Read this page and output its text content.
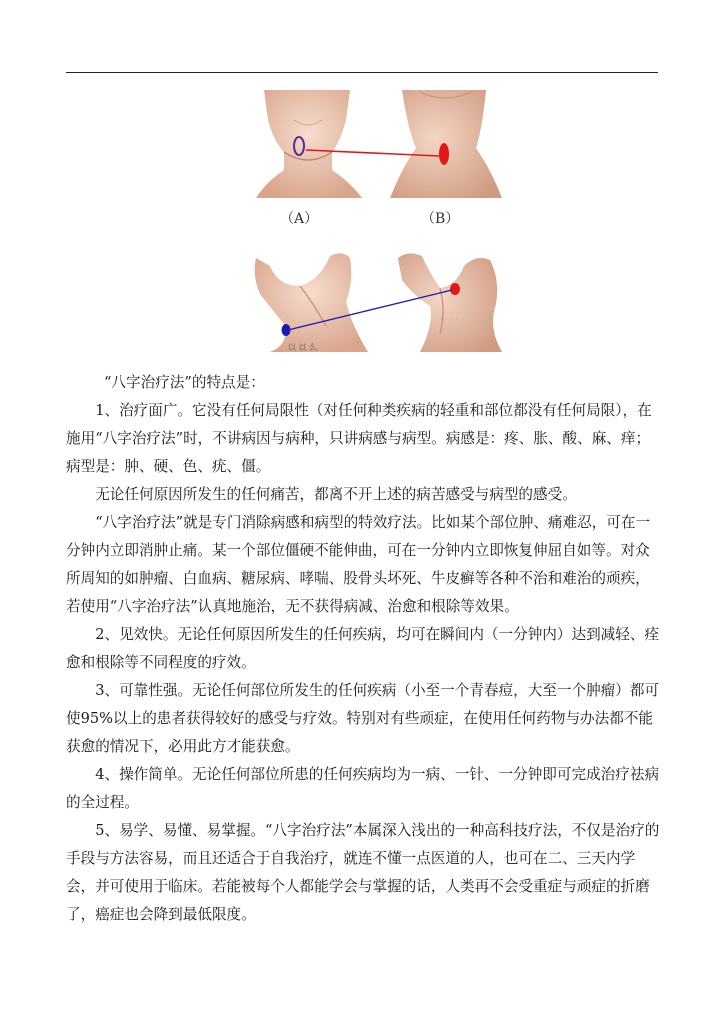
· · ·
（A）	（B）
以 以 么
· · · ·

“八字治疗法”的特点是：

1、治疗面广。它没有任何局限性（对任何种类疾病的轻重和部位都没有任何局限），在施用“八字治疗法”时，不讲病因与病种，只讲病感与病型。病感是：疼、胀、酸、麻、痒；病型是：肿、硬、色、疣、僵。

无论任何原因所发生的任何痛苦，都离不开上述的病苦感受与病型的感受。

“八字治疗法”就是专门消除病感和病型的特效疗法。比如某个部位肿、痛难忍，可在一分钟内立即消肿止痛。某一个部位僵硬不能伸曲，可在一分钟内立即恢复伸屈自如等。对众所周知的如肿瘤、白血病、糖尿病、哮喘、股骨头坏死、牛皮癣等各种不治和难治的顽疾，若使用“八字治疗法”认真地施治，无不获得病减、治愈和根除等效果。

2、见效快。无论任何原因所发生的任何疾病，均可在瞬间内（一分钟内）达到减轻、痊愈和根除等不同程度的疗效。

3、可靠性强。无论任何部位所发生的任何疾病（小至一个青春痘，大至一个肿瘤）都可使95%以上的患者获得较好的感受与疗效。特别对有些顽症，在使用任何药物与办法都不能获愈的情况下，必用此方才能获愈。

4、操作简单。无论任何部位所患的任何疾病均为一病、一针、一分钟即可完成治疗祛病的全过程。

5、易学、易懂、易掌握。“八字治疗法”本属深入浅出的一种高科技疗法，不仅是治疗的手段与方法容易，而且还适合于自我治疗，就连不懂一点医道的人，也可在二、三天内学会，并可使用于临床。若能被每个人都能学会与掌握的话，人类再不会受重症与顽症的折磨了，癌症也会降到最低限度。
